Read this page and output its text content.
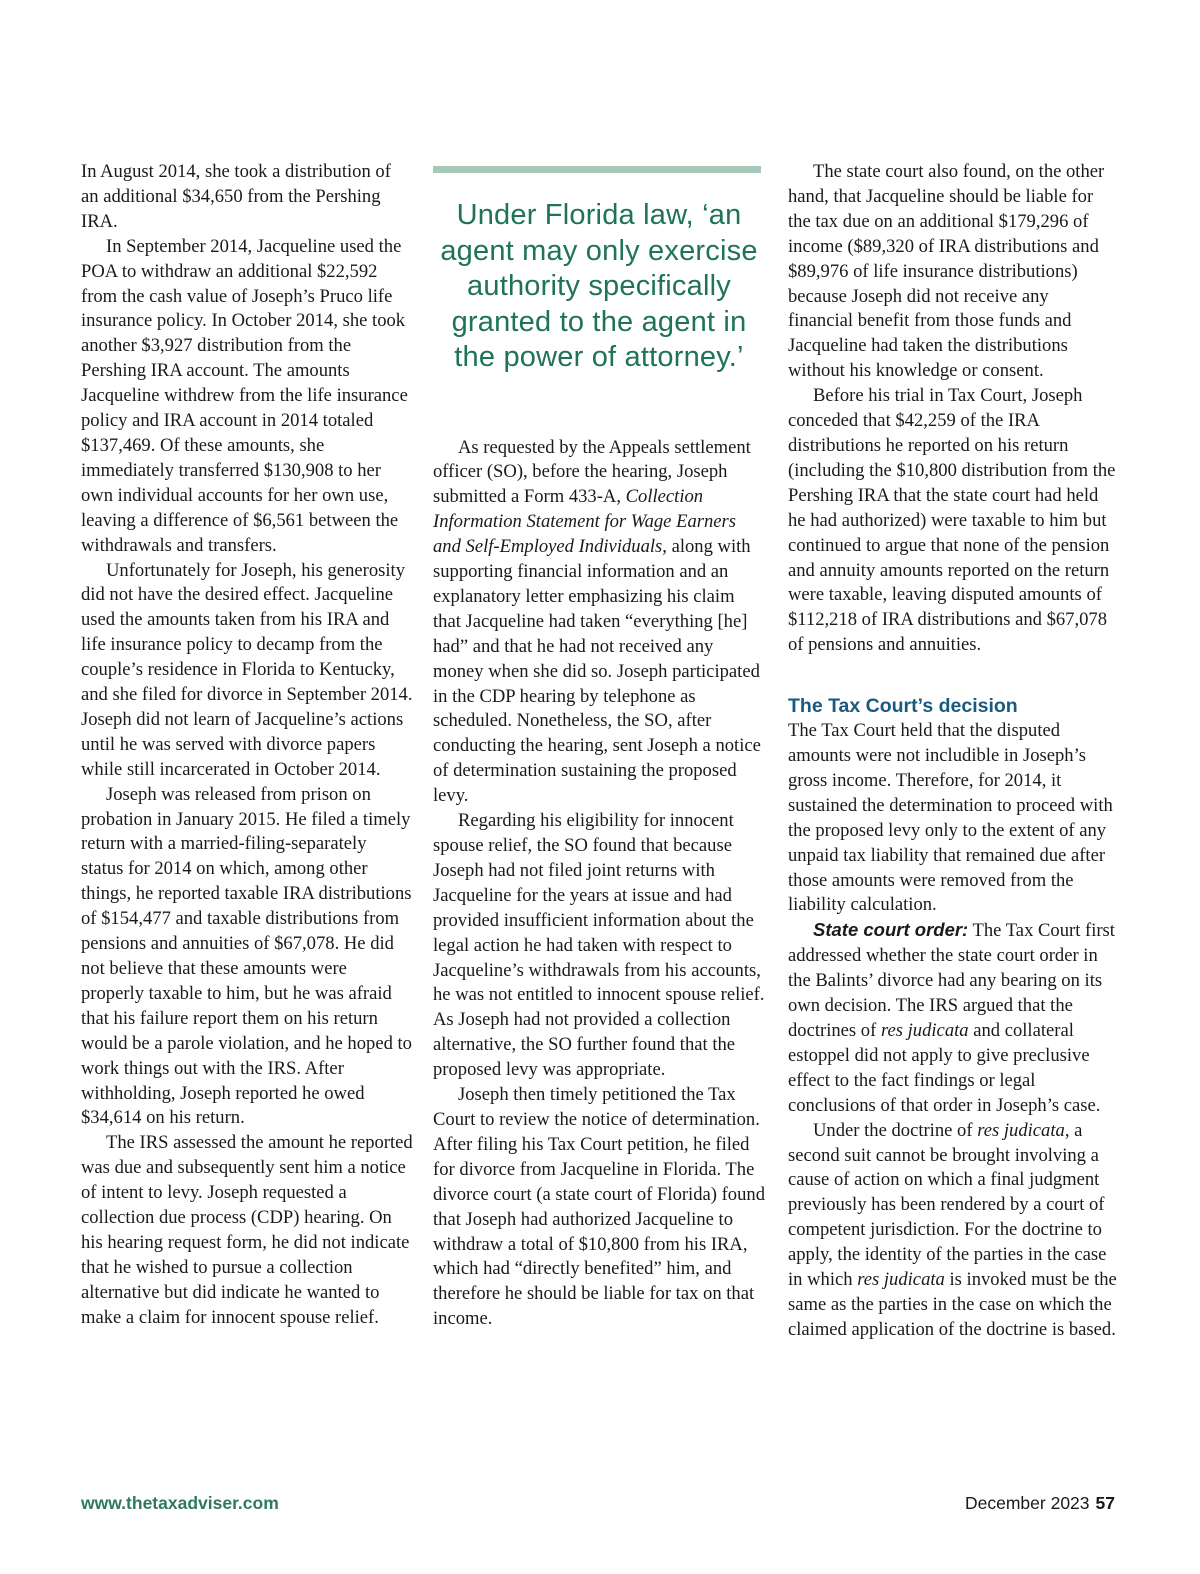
In August 2014, she took a distribution of an additional $34,650 from the Pershing IRA.

In September 2014, Jacqueline used the POA to withdraw an additional $22,592 from the cash value of Joseph’s Pruco life insurance policy. In October 2014, she took another $3,927 distribution from the Pershing IRA account. The amounts Jacqueline withdrew from the life insurance policy and IRA account in 2014 totaled $137,469. Of these amounts, she immediately transferred $130,908 to her own individual accounts for her own use, leaving a difference of $6,561 between the withdrawals and transfers.

Unfortunately for Joseph, his generosity did not have the desired effect. Jacqueline used the amounts taken from his IRA and life insurance policy to decamp from the couple’s residence in Florida to Kentucky, and she filed for divorce in September 2014. Joseph did not learn of Jacqueline’s actions until he was served with divorce papers while still incarcerated in October 2014.

Joseph was released from prison on probation in January 2015. He filed a timely return with a married-filing-separately status for 2014 on which, among other things, he reported taxable IRA distributions of $154,477 and taxable distributions from pensions and annuities of $67,078. He did not believe that these amounts were properly taxable to him, but he was afraid that his failure report them on his return would be a parole violation, and he hoped to work things out with the IRS. After withholding, Joseph reported he owed $34,614 on his return.

The IRS assessed the amount he reported was due and subsequently sent him a notice of intent to levy. Joseph requested a collection due process (CDP) hearing. On his hearing request form, he did not indicate that he wished to pursue a collection alternative but did indicate he wanted to make a claim for innocent spouse relief.

Under Florida law, ‘an agent may only exercise authority specifically granted to the agent in the power of attorney.’

As requested by the Appeals settlement officer (SO), before the hearing, Joseph submitted a Form 433-A, Collection Information Statement for Wage Earners and Self-Employed Individuals, along with supporting financial information and an explanatory letter emphasizing his claim that Jacqueline had taken “everything [he] had” and that he had not received any money when she did so. Joseph participated in the CDP hearing by telephone as scheduled. Nonetheless, the SO, after conducting the hearing, sent Joseph a notice of determination sustaining the proposed levy.

Regarding his eligibility for innocent spouse relief, the SO found that because Joseph had not filed joint returns with Jacqueline for the years at issue and had provided insufficient information about the legal action he had taken with respect to Jacqueline’s withdrawals from his accounts, he was not entitled to innocent spouse relief. As Joseph had not provided a collection alternative, the SO further found that the proposed levy was appropriate.

Joseph then timely petitioned the Tax Court to review the notice of determination. After filing his Tax Court petition, he filed for divorce from Jacqueline in Florida. The divorce court (a state court of Florida) found that Joseph had authorized Jacqueline to withdraw a total of $10,800 from his IRA, which had “directly benefited” him, and therefore he should be liable for tax on that income.

The state court also found, on the other hand, that Jacqueline should be liable for the tax due on an additional $179,296 of income ($89,320 of IRA distributions and $89,976 of life insurance distributions) because Joseph did not receive any financial benefit from those funds and Jacqueline had taken the distributions without his knowledge or consent.

Before his trial in Tax Court, Joseph conceded that $42,259 of the IRA distributions he reported on his return (including the $10,800 distribution from the Pershing IRA that the state court had held he had authorized) were taxable to him but continued to argue that none of the pension and annuity amounts reported on the return were taxable, leaving disputed amounts of $112,218 of IRA distributions and $67,078 of pensions and annuities.

The Tax Court’s decision

The Tax Court held that the disputed amounts were not includible in Joseph’s gross income. Therefore, for 2014, it sustained the determination to proceed with the proposed levy only to the extent of any unpaid tax liability that remained due after those amounts were removed from the liability calculation.

State court order: The Tax Court first addressed whether the state court order in the Balints’ divorce had any bearing on its own decision. The IRS argued that the doctrines of res judicata and collateral estoppel did not apply to give preclusive effect to the fact findings or legal conclusions of that order in Joseph’s case.

Under the doctrine of res judicata, a second suit cannot be brought involving a cause of action on which a final judgment previously has been rendered by a court of competent jurisdiction. For the doctrine to apply, the identity of the parties in the case in which res judicata is invoked must be the same as the parties in the case on which the claimed application of the doctrine is based.

www.thetaxadviser.com	December 2023 57
